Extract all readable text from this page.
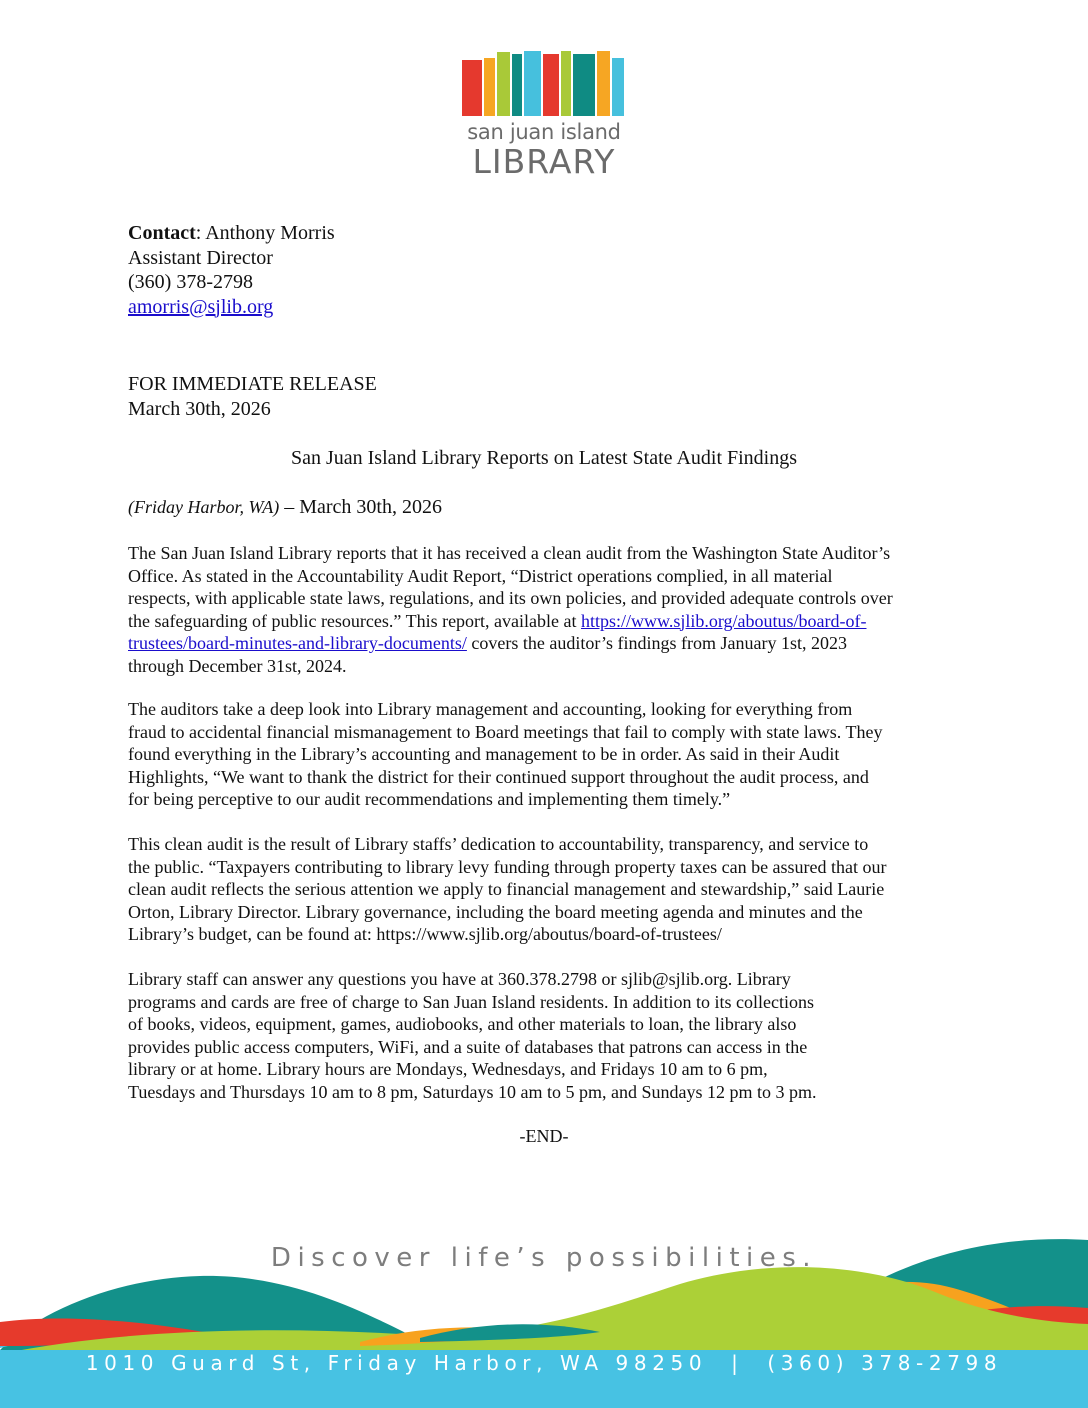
san juan island
LIBRARY
Contact: Anthony Morris
Assistant Director
(360) 378-2798
amorris@sjlib.org
FOR IMMEDIATE RELEASE
March 30th, 2026
San Juan Island Library Reports on Latest State Audit Findings
(Friday Harbor, WA) – March 30th, 2026
The San Juan Island Library reports that it has received a clean audit from the Washington State Auditor’s
Office. As stated in the Accountability Audit Report, “District operations complied, in all material
respects, with applicable state laws, regulations, and its own policies, and provided adequate controls over
the safeguarding of public resources.” This report, available at https://www.sjlib.org/aboutus/board-of-
trustees/board-minutes-and-library-documents/ covers the auditor’s findings from January 1st, 2023
through December 31st, 2024.
The auditors take a deep look into Library management and accounting, looking for everything from
fraud to accidental financial mismanagement to Board meetings that fail to comply with state laws. They
found everything in the Library’s accounting and management to be in order. As said in their Audit
Highlights, “We want to thank the district for their continued support throughout the audit process, and
for being perceptive to our audit recommendations and implementing them timely.”
This clean audit is the result of Library staffs’ dedication to accountability, transparency, and service to
the public. “Taxpayers contributing to library levy funding through property taxes can be assured that our
clean audit reflects the serious attention we apply to financial management and stewardship,” said Laurie
Orton, Library Director. Library governance, including the board meeting agenda and minutes and the
Library’s budget, can be found at: https://www.sjlib.org/aboutus/board-of-trustees/
Library staff can answer any questions you have at 360.378.2798 or sjlib@sjlib.org. Library
programs and cards are free of charge to San Juan Island residents. In addition to its collections
of books, videos, equipment, games, audiobooks, and other materials to loan, the library also
provides public access computers, WiFi, and a suite of databases that patrons can access in the
library or at home. Library hours are Mondays, Wednesdays, and Fridays 10 am to 6 pm,
Tuesdays and Thursdays 10 am to 8 pm, Saturdays 10 am to 5 pm, and Sundays 12 pm to 3 pm.
-END-
Discover life’s possibilities.
1010 Guard St, Friday Harbor, WA 98250  |  (360) 378-2798
